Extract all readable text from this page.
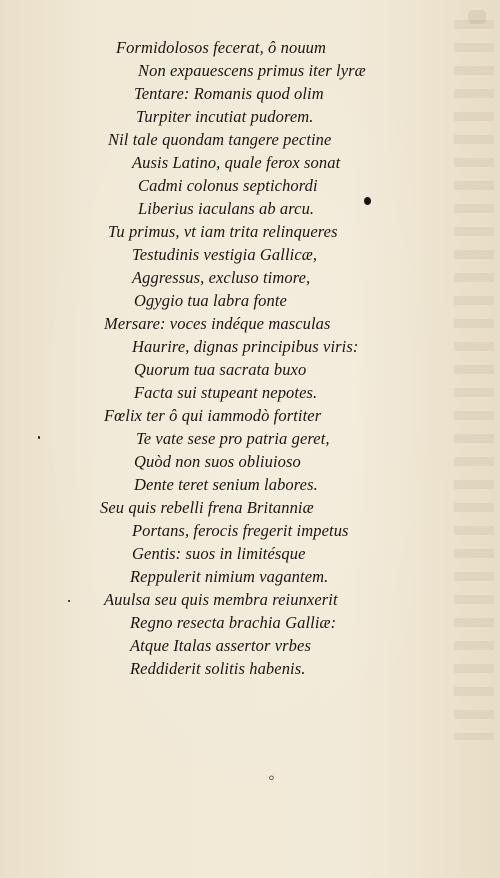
Formidolosos fecerat, ô nouum
Non expauescens primus iter lyræ
Tentare: Romanis quod olim
Turpiter incutiat pudorem.
Nil tale quondam tangere pectine
Ausis Latino, quale ferox sonat
Cadmi colonus septichordi
Liberius iaculans ab arcu.
Tu primus, vt iam trita relinqueres
Testudinis vestigia Gallicæ,
Aggressus, excluso timore,
Ogygio tua labra fonte
Mersare: voces indéque masculas
Haurire, dignas principibus viris:
Quorum tua sacrata buxo
Facta sui stupeant nepotes.
Fœlix ter ô qui iammodò fortiter
Te vate sese pro patria geret,
Quòd non suos obliuioso
Dente teret senium labores.
Seu quis rebelli frena Britanniæ
Portans, ferocis fregerit impetus
Gentis: suos in limitésque
Reppulerit nimium vagantem.
Auulsa seu quis membra reiunxerit
Regno resecta brachia Galliæ:
Atque Italas assertor vrbes
Reddiderit solitis habenis.
⸰
